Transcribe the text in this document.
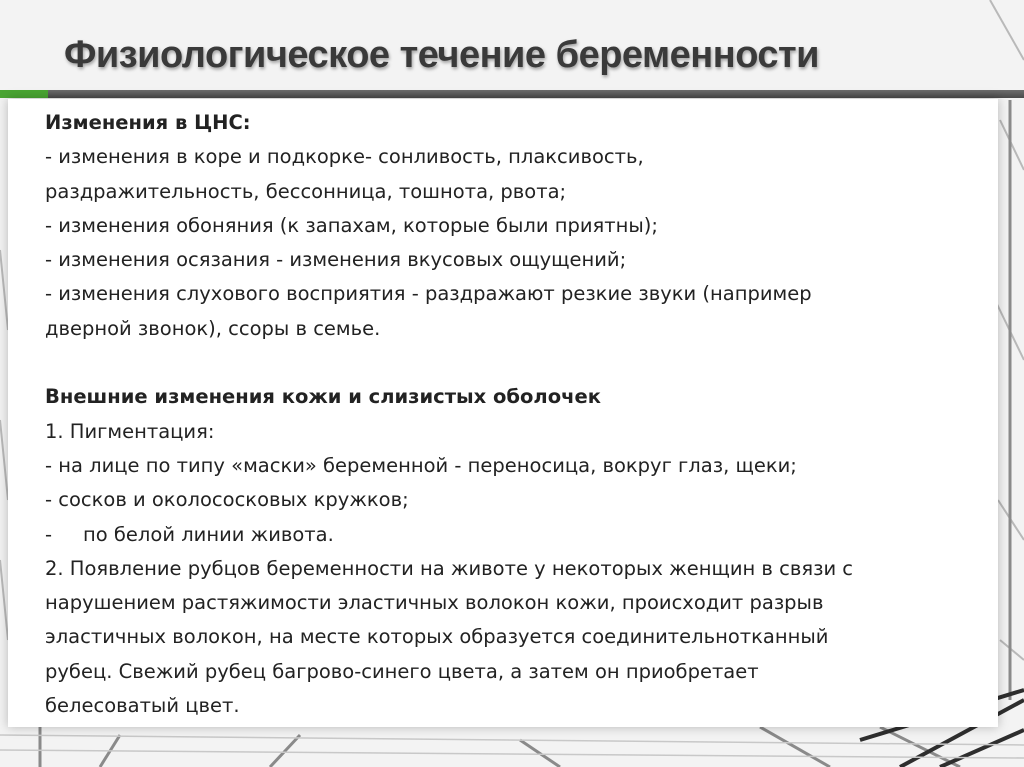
Физиологическое течение беременности

Изменения в ЦНС:

- изменения в коре и подкорке- сонливость, плаксивость,

раздражительность, бессонница, тошнота, рвота;

- изменения обоняния (к запахам, которые были приятны);

- изменения осязания - изменения вкусовых ощущений;

- изменения слухового восприятия - раздражают резкие звуки (например

дверной звонок), ссоры в семье.

Внешние изменения кожи и слизистых оболочек

1. Пигментация:

- на лице по типу «маски» беременной - переносица, вокруг глаз, щеки;

- сосков и околососковых кружков;

-     по белой линии живота.

2. Появление рубцов беременности на животе у некоторых женщин в связи с

нарушением растяжимости эластичных волокон кожи, происходит разрыв

эластичных волокон, на месте которых образуется соединительнотканный

рубец. Свежий рубец багрово-синего цвета, а затем он приобретает

белесоватый цвет.
